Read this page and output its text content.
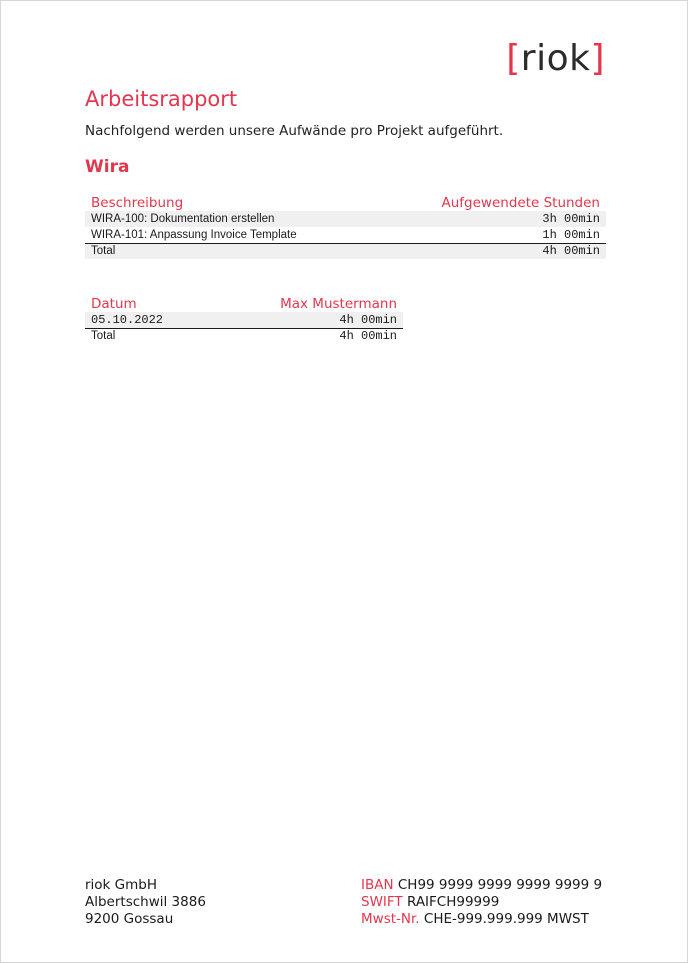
[riok]
Arbeitsrapport

Nachfolgend werden unsere Aufwände pro Projekt aufgeführt.

Wira
Beschreibung	Aufgewendete Stunden
WIRA-100: Dokumentation erstellen	3h 00min
WIRA-101: Anpassung Invoice Template	1h 00min
Total	4h 00min
Datum	Max Mustermann
05.10.2022	4h 00min
Total	4h 00min
riok GmbH
Albertschwil 3886
9200 Gossau
IBAN CH99 9999 9999 9999 9999 9
SWIFT RAIFCH99999
Mwst-Nr. CHE-999.999.999 MWST
